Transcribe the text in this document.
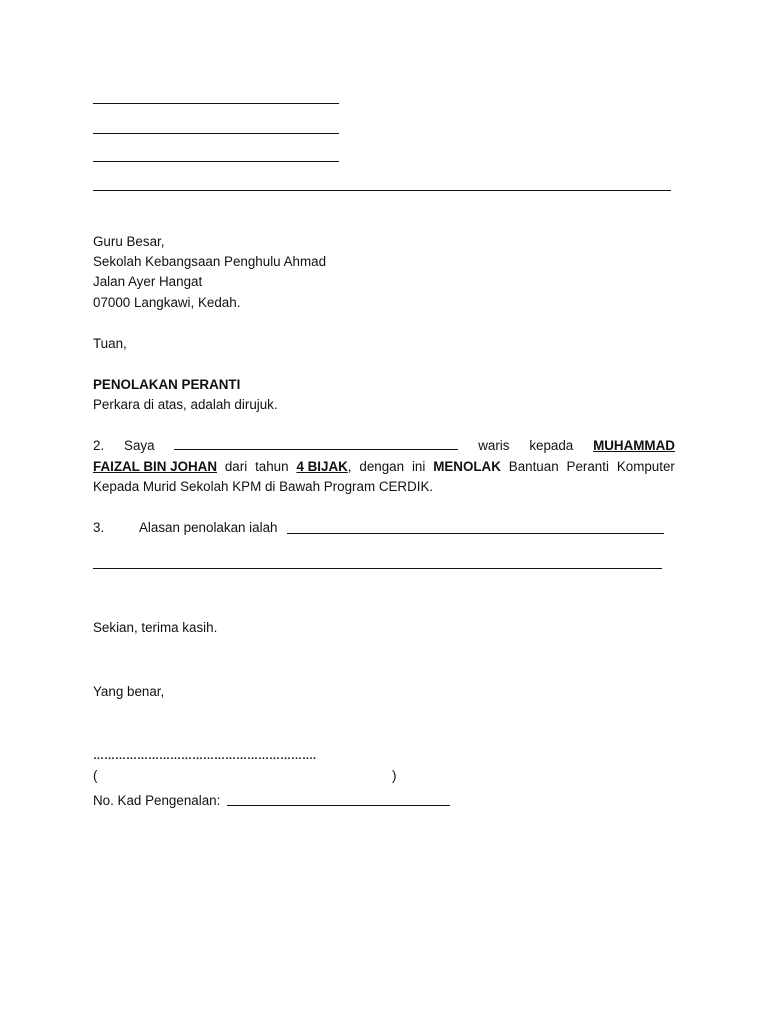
Guru Besar,
Sekolah Kebangsaan Penghulu Ahmad
Jalan Ayer Hangat
07000 Langkawi, Kedah.
Tuan,
PENOLAKAN PERANTI
Perkara di atas, adalah dirujuk.
2. Saya	waris kepada MUHAMMAD
FAIZAL BIN JOHAN dari tahun 4 BIJAK, dengan ini MENOLAK Bantuan Peranti Komputer
Kepada Murid Sekolah KPM di Bawah Program CERDIK.
3.	Alasan penolakan ialah
Sekian, terima kasih.
Yang benar,
…………………………………………………….
(	)
No. Kad Pengenalan:
